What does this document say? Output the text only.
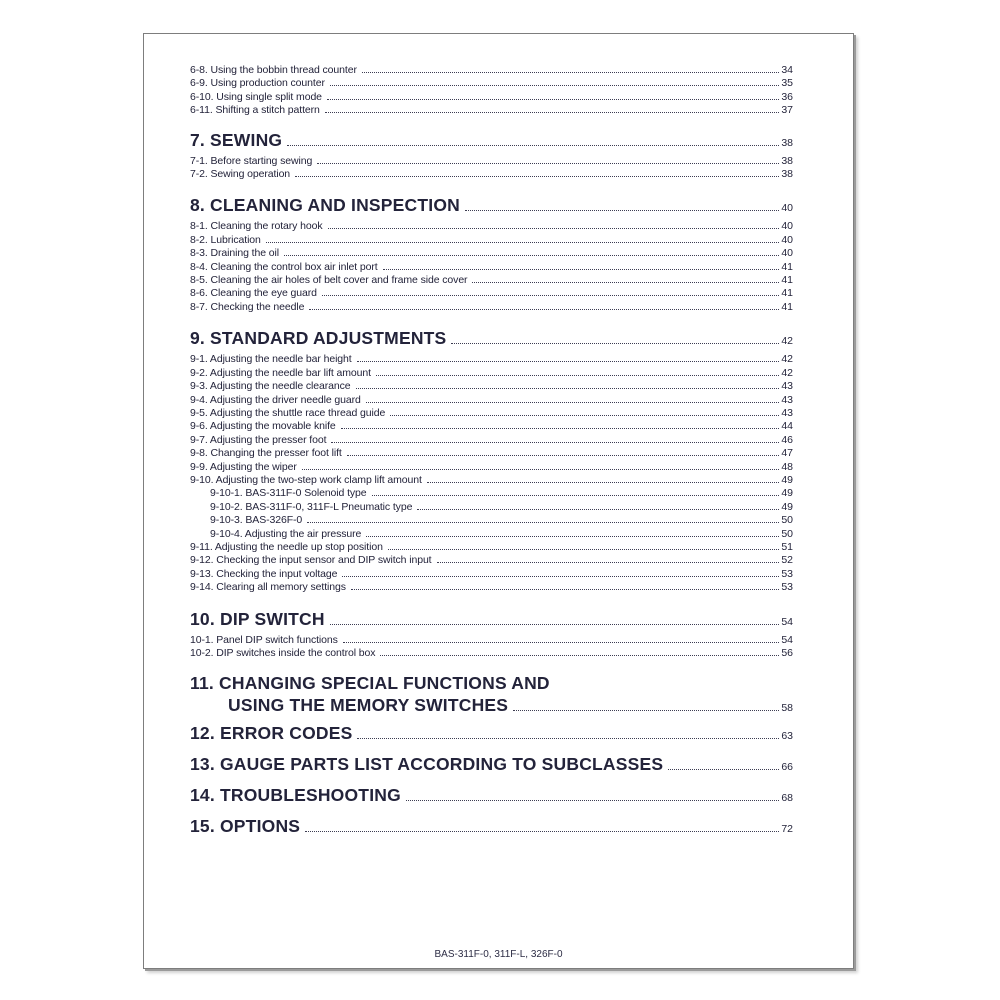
6-8. Using the bobbin thread counter	34
6-9. Using production counter	35
6-10. Using single split mode	36
6-11. Shifting a stitch pattern	37
7. SEWING	38
7-1. Before starting sewing	38
7-2. Sewing operation	38
8. CLEANING AND INSPECTION	40
8-1. Cleaning the rotary hook	40
8-2. Lubrication	40
8-3. Draining the oil	40
8-4. Cleaning the control box air inlet port	41
8-5. Cleaning the air holes of belt cover and frame side cover	41
8-6. Cleaning the eye guard	41
8-7. Checking the needle	41
9. STANDARD ADJUSTMENTS	42
9-1. Adjusting the needle bar height	42
9-2. Adjusting the needle bar lift amount	42
9-3. Adjusting the needle clearance	43
9-4. Adjusting the driver needle guard	43
9-5. Adjusting the shuttle race thread guide	43
9-6. Adjusting the movable knife	44
9-7. Adjusting the presser foot	46
9-8. Changing the presser foot lift	47
9-9. Adjusting the wiper	48
9-10. Adjusting the two-step work clamp lift amount	49
9-10-1. BAS-311F-0 Solenoid type	49
9-10-2. BAS-311F-0, 311F-L Pneumatic type	49
9-10-3. BAS-326F-0	50
9-10-4. Adjusting the air pressure	50
9-11. Adjusting the needle up stop position	51
9-12. Checking the input sensor and DIP switch input	52
9-13. Checking the input voltage	53
9-14. Clearing all memory settings	53
10. DIP SWITCH	54
10-1. Panel DIP switch functions	54
10-2. DIP switches inside the control box	56
11. CHANGING SPECIAL FUNCTIONS AND
USING THE MEMORY SWITCHES	58
12. ERROR CODES	63
13. GAUGE PARTS LIST ACCORDING TO SUBCLASSES	66
14. TROUBLESHOOTING	68
15. OPTIONS	72
BAS-311F-0, 311F-L, 326F-0
